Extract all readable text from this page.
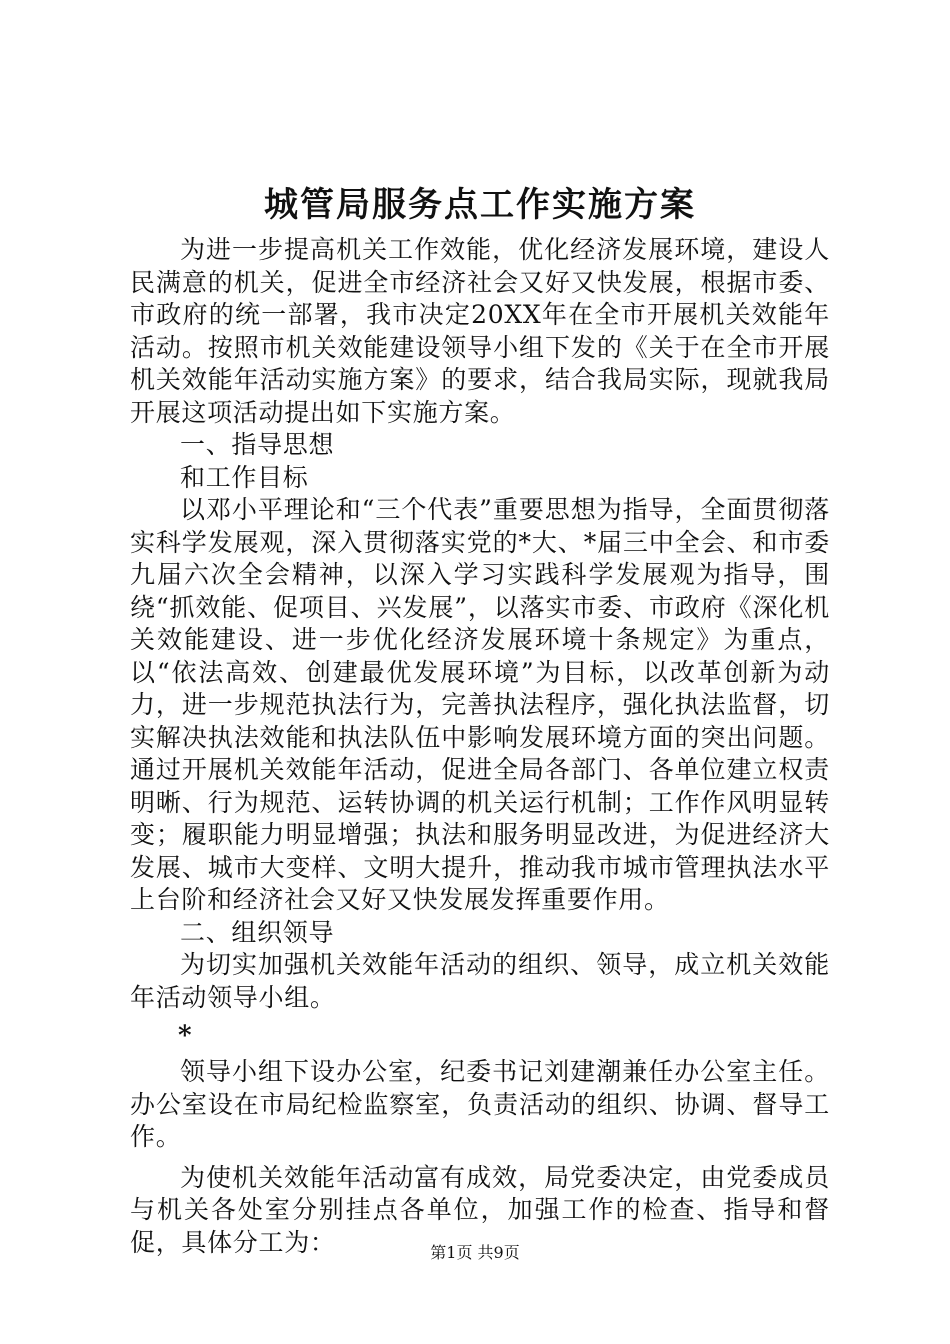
城管局服务点工作实施方案

为进一步提高机关工作效能，优化经济发展环境，建设人民满意的机关，促进全市经济社会又好又快发展，根据市委、市政府的统一部署，我市决定20XX年在全市开展机关效能年活动。按照市机关效能建设领导小组下发的《关于在全市开展机关效能年活动实施方案》的要求，结合我局实际，现就我局开展这项活动提出如下实施方案。

一、指导思想

和工作目标

以邓小平理论和“三个代表”重要思想为指导，全面贯彻落实科学发展观，深入贯彻落实党的*大、*届三中全会、和市委九届六次全会精神，以深入学习实践科学发展观为指导，围绕“抓效能、促项目、兴发展”，以落实市委、市政府《深化机关效能建设、进一步优化经济发展环境十条规定》为重点，以“依法高效、创建最优发展环境”为目标，以改革创新为动力，进一步规范执法行为，完善执法程序，强化执法监督，切实解决执法效能和执法队伍中影响发展环境方面的突出问题。通过开展机关效能年活动，促进全局各部门、各单位建立权责明晰、行为规范、运转协调的机关运行机制；工作作风明显转变；履职能力明显增强；执法和服务明显改进，为促进经济大发展、城市大变样、文明大提升，推动我市城市管理执法水平上台阶和经济社会又好又快发展发挥重要作用。

二、组织领导

为切实加强机关效能年活动的组织、领导，成立机关效能年活动领导小组。

*

领导小组下设办公室，纪委书记刘建潮兼任办公室主任。办公室设在市局纪检监察室，负责活动的组织、协调、督导工作。

为使机关效能年活动富有成效，局党委决定，由党委成员与机关各处室分别挂点各单位，加强工作的检查、指导和督促，具体分工为：	第1页 共9页
